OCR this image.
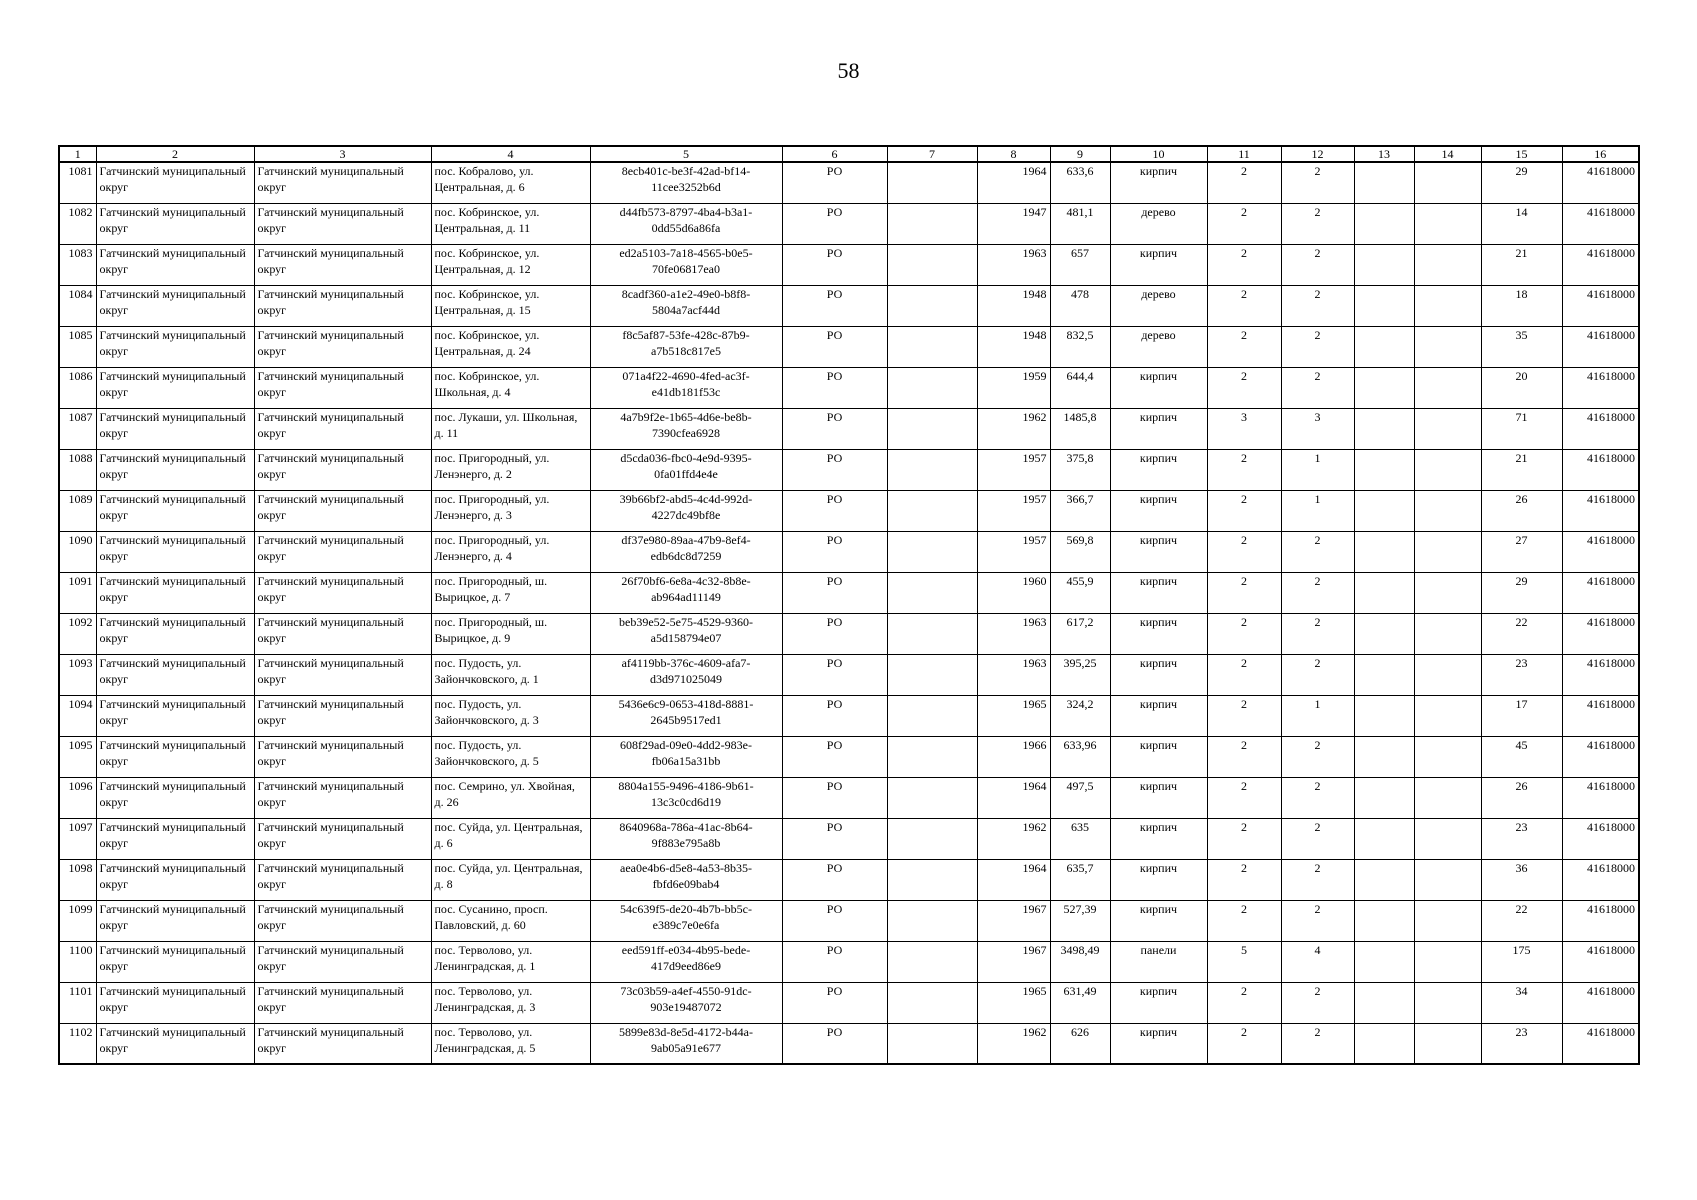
58
1	2	3	4	5	6	7	8	9	10	11	12	13	14	15	16
1081	Гатчинский муниципальный округ	Гатчинский муниципальный округ	пос. Кобралово, ул. Центральная, д. 6	8ecb401c-be3f-42ad-bf14-11cee3252b6d	РО		1964	633,6	кирпич	2	2			29	41618000
1082	Гатчинский муниципальный округ	Гатчинский муниципальный округ	пос. Кобринское, ул. Центральная, д. 11	d44fb573-8797-4ba4-b3a1-0dd55d6a86fa	РО		1947	481,1	дерево	2	2			14	41618000
1083	Гатчинский муниципальный округ	Гатчинский муниципальный округ	пос. Кобринское, ул. Центральная, д. 12	ed2a5103-7a18-4565-b0e5-70fe06817ea0	РО		1963	657	кирпич	2	2			21	41618000
1084	Гатчинский муниципальный округ	Гатчинский муниципальный округ	пос. Кобринское, ул. Центральная, д. 15	8cadf360-a1e2-49e0-b8f8-5804a7acf44d	РО		1948	478	дерево	2	2			18	41618000
1085	Гатчинский муниципальный округ	Гатчинский муниципальный округ	пос. Кобринское, ул. Центральная, д. 24	f8c5af87-53fe-428c-87b9-a7b518c817e5	РО		1948	832,5	дерево	2	2			35	41618000
1086	Гатчинский муниципальный округ	Гатчинский муниципальный округ	пос. Кобринское, ул. Школьная, д. 4	071a4f22-4690-4fed-ac3f-e41db181f53c	РО		1959	644,4	кирпич	2	2			20	41618000
1087	Гатчинский муниципальный округ	Гатчинский муниципальный округ	пос. Лукаши, ул. Школьная, д. 11	4a7b9f2e-1b65-4d6e-be8b-7390cfea6928	РО		1962	1485,8	кирпич	3	3			71	41618000
1088	Гатчинский муниципальный округ	Гатчинский муниципальный округ	пос. Пригородный, ул. Ленэнерго, д. 2	d5cda036-fbc0-4e9d-9395-0fa01ffd4e4e	РО		1957	375,8	кирпич	2	1			21	41618000
1089	Гатчинский муниципальный округ	Гатчинский муниципальный округ	пос. Пригородный, ул. Ленэнерго, д. 3	39b66bf2-abd5-4c4d-992d-4227dc49bf8e	РО		1957	366,7	кирпич	2	1			26	41618000
1090	Гатчинский муниципальный округ	Гатчинский муниципальный округ	пос. Пригородный, ул. Ленэнерго, д. 4	df37e980-89aa-47b9-8ef4-edb6dc8d7259	РО		1957	569,8	кирпич	2	2			27	41618000
1091	Гатчинский муниципальный округ	Гатчинский муниципальный округ	пос. Пригородный, ш. Вырицкое, д. 7	26f70bf6-6e8a-4c32-8b8e-ab964ad11149	РО		1960	455,9	кирпич	2	2			29	41618000
1092	Гатчинский муниципальный округ	Гатчинский муниципальный округ	пос. Пригородный, ш. Вырицкое, д. 9	beb39e52-5e75-4529-9360-a5d158794e07	РО		1963	617,2	кирпич	2	2			22	41618000
1093	Гатчинский муниципальный округ	Гатчинский муниципальный округ	пос. Пудость, ул. Зайончковского, д. 1	af4119bb-376c-4609-afa7-d3d971025049	РО		1963	395,25	кирпич	2	2			23	41618000
1094	Гатчинский муниципальный округ	Гатчинский муниципальный округ	пос. Пудость, ул. Зайончковского, д. 3	5436e6c9-0653-418d-8881-2645b9517ed1	РО		1965	324,2	кирпич	2	1			17	41618000
1095	Гатчинский муниципальный округ	Гатчинский муниципальный округ	пос. Пудость, ул. Зайончковского, д. 5	608f29ad-09e0-4dd2-983e-fb06a15a31bb	РО		1966	633,96	кирпич	2	2			45	41618000
1096	Гатчинский муниципальный округ	Гатчинский муниципальный округ	пос. Семрино, ул. Хвойная, д. 26	8804a155-9496-4186-9b61-13c3c0cd6d19	РО		1964	497,5	кирпич	2	2			26	41618000
1097	Гатчинский муниципальный округ	Гатчинский муниципальный округ	пос. Суйда, ул. Центральная, д. 6	8640968a-786a-41ac-8b64-9f883e795a8b	РО		1962	635	кирпич	2	2			23	41618000
1098	Гатчинский муниципальный округ	Гатчинский муниципальный округ	пос. Суйда, ул. Центральная, д. 8	aea0e4b6-d5e8-4a53-8b35-fbfd6e09bab4	РО		1964	635,7	кирпич	2	2			36	41618000
1099	Гатчинский муниципальный округ	Гатчинский муниципальный округ	пос. Сусанино, просп. Павловский, д. 60	54c639f5-de20-4b7b-bb5c-e389c7e0e6fa	РО		1967	527,39	кирпич	2	2			22	41618000
1100	Гатчинский муниципальный округ	Гатчинский муниципальный округ	пос. Терволово, ул. Ленинградская, д. 1	eed591ff-e034-4b95-bede-417d9eed86e9	РО		1967	3498,49	панели	5	4			175	41618000
1101	Гатчинский муниципальный округ	Гатчинский муниципальный округ	пос. Терволово, ул. Ленинградская, д. 3	73c03b59-a4ef-4550-91dc-903e19487072	РО		1965	631,49	кирпич	2	2			34	41618000
1102	Гатчинский муниципальный округ	Гатчинский муниципальный округ	пос. Терволово, ул. Ленинградская, д. 5	5899e83d-8e5d-4172-b44a-9ab05a91e677	РО		1962	626	кирпич	2	2			23	41618000
